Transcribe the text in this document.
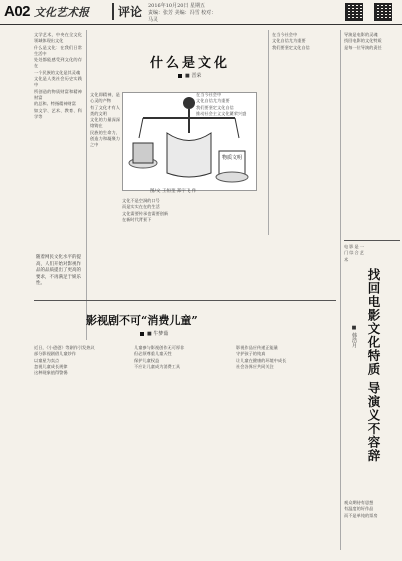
A02 文化艺术报	评论 2016年10月20日 星期五
责编：张芳 美编：冯雪 校对：马灵
文学艺术，中央在全文化领域体现出文化
什么是文化：在我们日常生活中
处处都能感受到文化的存在
一个民族的文化是其灵魂
文化是人类社会历史实践中
所创造的物质财富和精神财富
的总和。特指精神财富
如文学、艺术、教育、科学等
什么是文化
■ 晋荣
物质文明
图/文 王恒奎 郑宇飞 作
文化即精神，是心灵的产物
有了文化才有人类的文明
文化的力量深深熔铸在
民族的生命力、创造力和凝聚力之中
文化不是空洞的口号
而是实实在在的生活
文化需要传承也需要创新
在新时代背景下
在当今社会中
文化自信尤为重要
我们要坚定文化自信
推动社会主义文化繁荣兴盛
在当今社会中
文化自信尤为重要
我们要坚定文化自信
随着网民文化水平的提高，人们开始对影视作品的品质提出了更高的要求，不再满足于娱乐性。
影视剧不可“消费儿童”
■ 牛梦茹
近日，《小爸爸》等剧作引发热议
部分影视剧借儿童炒作
以童星为卖点
忽视儿童成长规律
这种现象值得警惕
儿童参与影视创作无可厚非
但必须尊重儿童天性
保护儿童权益
不应让儿童成为消费工具
影视作品应传递正能量
守护孩子的纯真
让儿童在健康的环境中成长
社会各界应共同关注
电影是一门综合艺术
找回电影文化特质 导演义不容辞
■ 韩浩月
导演是电影的灵魂
找回电影的文化特质
是每一位导演的责任
观众期待有思想
有温度的好作品
而不是单纯的票房
